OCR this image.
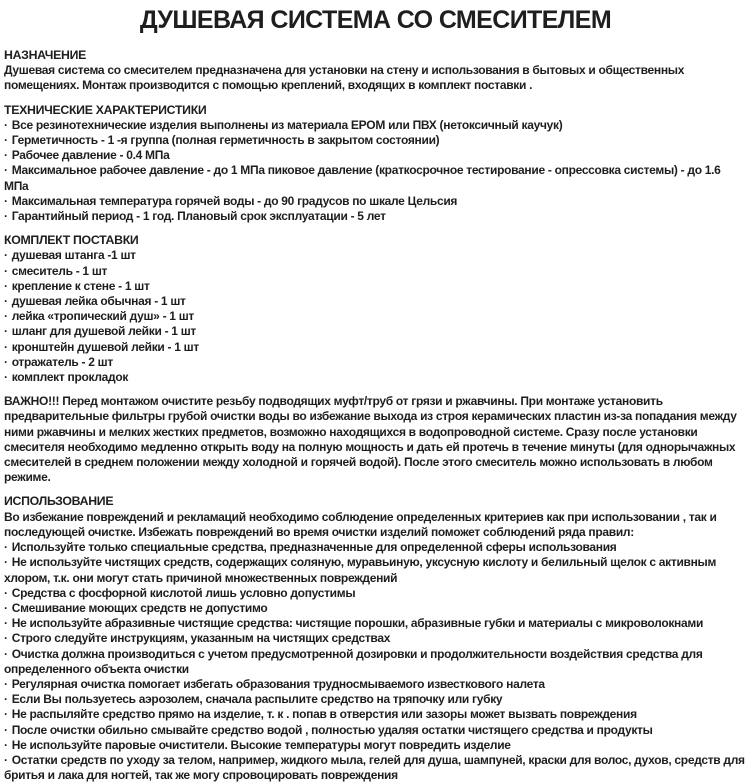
ДУШЕВАЯ СИСТЕМА СО СМЕСИТЕЛЕМ
НАЗНАЧЕНИЕ

Душевая система со смесителем предназначена для установки на стену и использования в бытовых и общественных помещениях. Монтаж производится с помощью креплений, входящих в комплект поставки .

ТЕХНИЧЕСКИЕ ХАРАКТЕРИСТИКИ
· Все резинотехнические изделия выполнены из материала EPOM или ПВХ (нетоксичный каучук)
· Герметичность - 1 -я группа (полная герметичность в закрытом состоянии)
· Рабочее давление - 0.4 МПа
· Максимальное рабочее давление - до 1 МПа пиковое давление (краткосрочное тестирование - опрессовка системы) - до 1.6 МПа
· Максимальная температура горячей воды - до 90 градусов по шкале Цельсия
· Гарантийный период - 1 год. Плановый срок эксплуатации - 5 лет
КОМПЛЕКТ ПОСТАВКИ
· душевая штанга -1 шт
· смеситель - 1 шт
· крепление к стене - 1 шт
· душевая лейка обычная - 1 шт
· лейка «тропический душ» - 1 шт
· шланг для душевой лейки - 1 шт
· кронштейн душевой лейки - 1 шт
· отражатель - 2 шт
· комплект прокладок

ВАЖНО!!! Перед монтажом очистите резьбу подводящих муфт/труб от грязи и ржавчины. При монтаже установить предварительные фильтры грубой очистки воды во избежание выхода из строя керамических пластин из-за попадания между ними ржавчины и мелких жестких предметов, возможно находящихся в водопроводной системе. Сразу после установки смесителя необходимо медленно открыть воду на полную мощность и дать ей протечь в течение минуты (для однорычажных смесителей в среднем положении между холодной и горячей водой). После этого смеситель можно использовать в любом режиме.

ИСПОЛЬЗОВАНИЕ

Во избежание повреждений и рекламаций необходимо соблюдение определенных критериев как при использовании , так и последующей очистке. Избежать повреждений во время очистки изделий поможет соблюдений ряда правил:

· Используйте только специальные средства, предназначенные для определенной сферы использования
· Не используйте чистящих средств, содержащих соляную, муравьиную, уксусную кислоту и белильный щелок с активным хлором, т.к. они могут стать причиной множественных повреждений
· Средства с фосфорной кислотой лишь условно допустимы
· Смешивание моющих средств не допустимо
· Не используйте абразивные чистящие средства: чистящие порошки, абразивные губки и материалы с микроволокнами
· Строго следуйте инструкциям, указанным на чистящих средствах
· Очистка должна производиться с учетом предусмотренной дозировки и продолжительности воздействия средства для определенного объекта очистки
· Регулярная очистка помогает избегать образования трудносмываемого известкового налета
· Если Вы пользуетесь аэрозолем, сначала распылите средство на тряпочку или губку
· Не распыляйте средство прямо на изделие, т. к . попав в отверстия или зазоры может вызвать повреждения
· После очистки обильно смывайте средство водой , полностью удаляя остатки чистящего средства и продукты
· Не используйте паровые очистители. Высокие температуры могут повредить изделие
· Остатки средств по уходу за телом, например, жидкого мыла, гелей для душа, шампуней, краски для волос, духов, средств для бритья и лака для ногтей, так же могу спровоцировать повреждения
